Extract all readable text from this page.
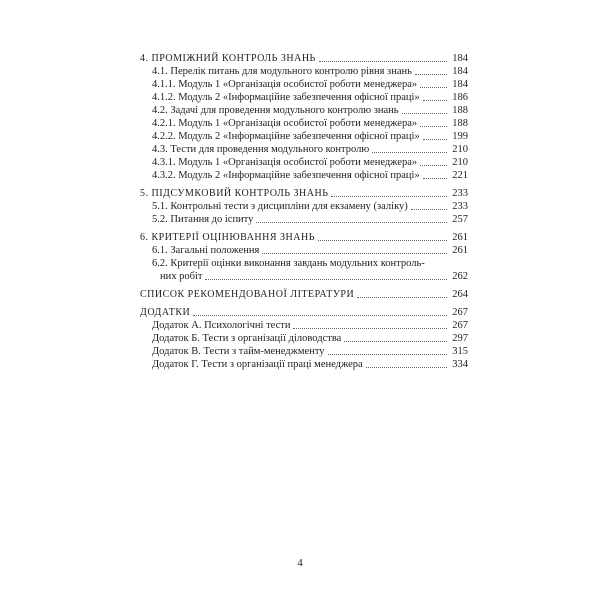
4. ПРОМІЖНИЙ КОНТРОЛЬ ЗНАНЬ	184
4.1. Перелік питань для модульного контролю рівня знань	184
4.1.1. Модуль 1 «Організація особистої роботи менеджера»	184
4.1.2. Модуль 2 «Інформаційне забезпечення офісної праці»	186
4.2. Задачі для проведення модульного контролю знань	188
4.2.1. Модуль 1 «Організація особистої роботи менеджера»	188
4.2.2. Модуль 2 «Інформаційне забезпечення офісної праці»	199
4.3. Тести для проведення модульного контролю	210
4.3.1. Модуль 1 «Організація особистої роботи менеджера»	210
4.3.2. Модуль 2 «Інформаційне забезпечення офісної праці»	221
5. ПІДСУМКОВИЙ КОНТРОЛЬ ЗНАНЬ	233
5.1. Контрольні тести з дисципліни для екзамену (заліку)	233
5.2. Питання до іспиту	257
6. КРИТЕРІЇ ОЦІНЮВАННЯ ЗНАНЬ	261
6.1. Загальні положення	261
6.2. Критерії оцінки виконання завдань модульних контроль-
них робіт	262
СПИСОК РЕКОМЕНДОВАНОЇ ЛІТЕРАТУРИ	264
ДОДАТКИ	267
Додаток А. Психологічні тести	267
Додаток Б. Тести з організації діловодства	297
Додаток В. Тести з тайм-менеджменту	315
Додаток Г. Тести з організації праці менеджера	334
4
